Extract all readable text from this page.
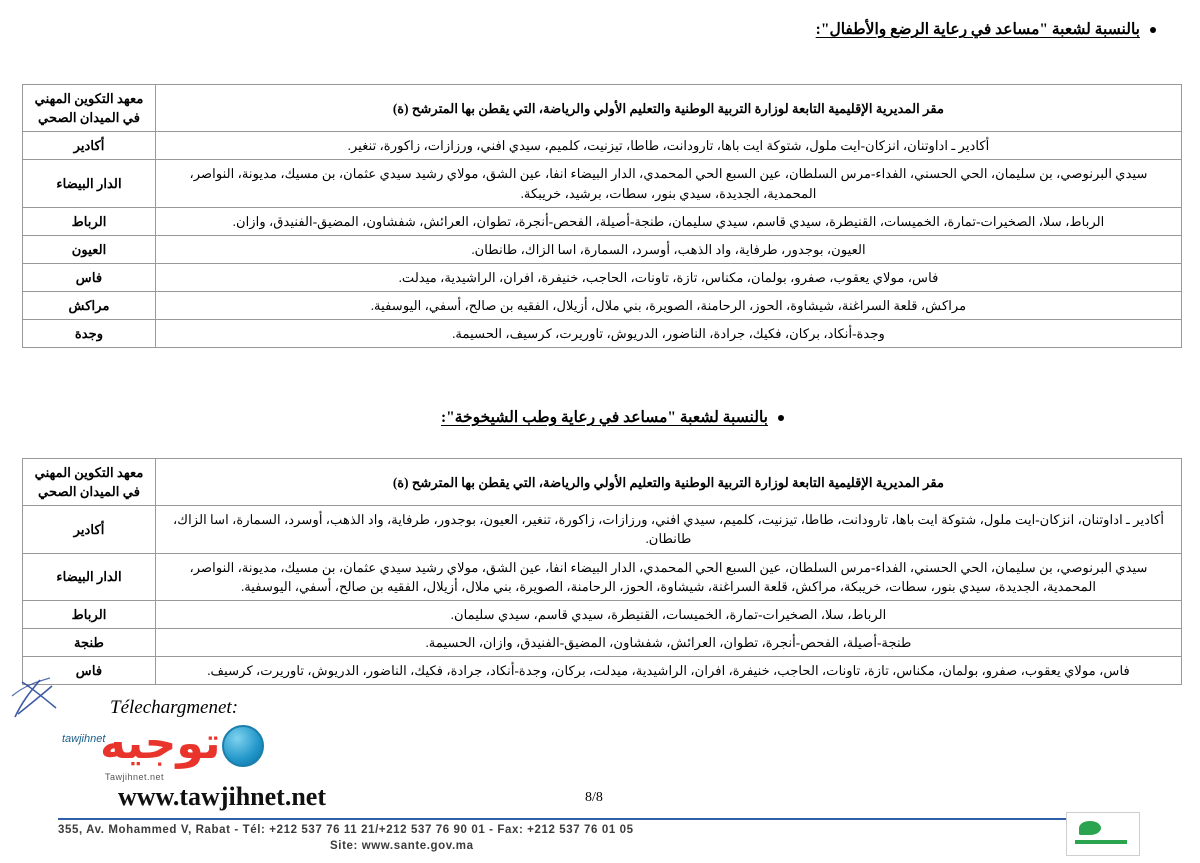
بالنسبة لشعبة "مساعد في رعاية الرضع والأطفال":
مقر المديرية الإقليمية التابعة لوزارة التربية الوطنية والتعليم الأولي والرياضة، التي يقطن بها المترشح (ة)	معهد التكوين المهني في الميدان الصحي
أكادير ـ اداوتنان، انزكان-ايت ملول، شتوكة ايت باها، تارودانت، طاطا، تيزنيت، كلميم، سيدي افني، ورزازات، زاكورة، تنغير.	أكادير
سيدي البرنوصي، بن سليمان، الحي الحسني، الفداء-مرس السلطان، عين السبع الحي المحمدي، الدار البيضاء انفا، عين الشق، مولاي رشيد سيدي عثمان، بن مسيك، مديونة، النواصر، المحمدية، الجديدة، سيدي بنور، سطات، برشيد، خريبكة.	الدار البيضاء
الرباط، سلا، الصخيرات-تمارة، الخميسات، القنيطرة، سيدي قاسم، سيدي سليمان، طنجة-أصيلة، الفحص-أنجرة، تطوان، العرائش، شفشاون، المضيق-الفنيدق، وازان.	الرباط
العيون، بوجدور، طرفاية، واد الذهب، أوسرد، السمارة، اسا الزاك، طانطان.	العيون
فاس، مولاي يعقوب، صفرو، بولمان، مكناس، تازة، تاونات، الحاجب، خنيفرة، افران، الراشيدية، ميدلت.	فاس
مراكش، قلعة السراغنة، شيشاوة، الحوز، الرحامنة، الصويرة، بني ملال، أزيلال، الفقيه بن صالح، أسفي، اليوسفية.	مراكش
وجدة-أنكاد، بركان، فكيك، جرادة، الناضور، الدريوش، تاوريرت، كرسيف، الحسيمة.	وجدة
بالنسبة لشعبة "مساعد في رعاية وطب الشيخوخة":
مقر المديرية الإقليمية التابعة لوزارة التربية الوطنية والتعليم الأولي والرياضة، التي يقطن بها المترشح (ة)	معهد التكوين المهني في الميدان الصحي
أكادير ـ اداوتنان، انزكان-ايت ملول، شتوكة ايت باها، تارودانت، طاطا، تيزنيت، كلميم، سيدي افني، ورزازات، زاكورة، تنغير، العيون، بوجدور، طرفاية، واد الذهب، أوسرد، السمارة، اسا الزاك، طانطان.	أكادير
سيدي البرنوصي، بن سليمان، الحي الحسني، الفداء-مرس السلطان، عين السبع الحي المحمدي، الدار البيضاء انفا، عين الشق، مولاي رشيد سيدي عثمان، بن مسيك، مديونة، النواصر، المحمدية، الجديدة، سيدي بنور، سطات، خريبكة، مراكش، قلعة السراغنة، شيشاوة، الحوز، الرحامنة، الصويرة، بني ملال، أزيلال، الفقيه بن صالح، أسفي، اليوسفية.	الدار البيضاء
الرباط، سلا، الصخيرات-تمارة، الخميسات، القنيطرة، سيدي قاسم، سيدي سليمان.	الرباط
طنجة-أصيلة، الفحص-أنجرة، تطوان، العرائش، شفشاون، المضيق-الفنيدق، وازان، الحسيمة.	طنجة
فاس، مولاي يعقوب، صفرو، بولمان، مكناس، تازة، تاونات، الحاجب، خنيفرة، افران، الراشيدية، ميدلت، بركان، وجدة-أنكاد، جرادة، فكيك، الناضور، الدريوش، تاوريرت، كرسيف.	فاس
Télechargmenet:
توجيه
tawjihnet
Tawjihnet.net
www.tawjihnet.net	8/8
355, Av. Mohammed V, Rabat - Tél: +212 537 76 11 21/+212 537 76 90 01 - Fax: +212 537 76 01 05
Site: www.sante.gov.ma
